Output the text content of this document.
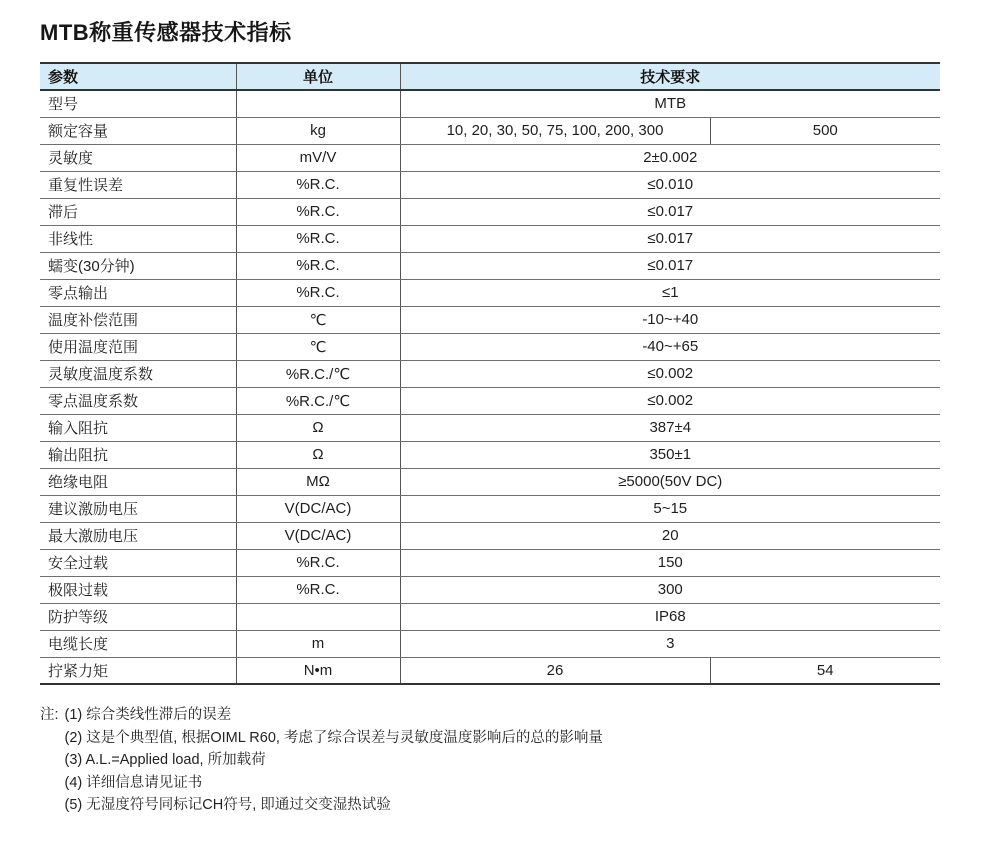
MTB称重传感器技术指标
参数	单位	技术要求	
型号		MTB	
额定容量	kg	10, 20, 30, 50, 75, 100, 200, 300	500
灵敏度	mV/V	2±0.002	
重复性误差	%R.C.	≤0.010	
滞后	%R.C.	≤0.017	
非线性	%R.C.	≤0.017	
蠕变(30分钟)	%R.C.	≤0.017	
零点输出	%R.C.	≤1	
温度补偿范围	℃	-10~+40	
使用温度范围	℃	-40~+65	
灵敏度温度系数	%R.C./℃	≤0.002	
零点温度系数	%R.C./℃	≤0.002	
输入阻抗	Ω	387±4	
输出阻抗	Ω	350±1	
绝缘电阻	MΩ	≥5000(50V DC)	
建议激励电压	V(DC/AC)	5~15	
最大激励电压	V(DC/AC)	20	
安全过载	%R.C.	150	
极限过载	%R.C.	300	
防护等级		IP68	
电缆长度	m	3	
拧紧力矩	N•m	26	54
注: (1) 综合类线性滞后的误差
(2) 这是个典型值, 根据OIML R60, 考虑了综合误差与灵敏度温度影响后的总的影响量
(3) A.L.=Applied load, 所加载荷
(4) 详细信息请见证书
(5) 无湿度符号同标记CH符号, 即通过交变湿热试验
